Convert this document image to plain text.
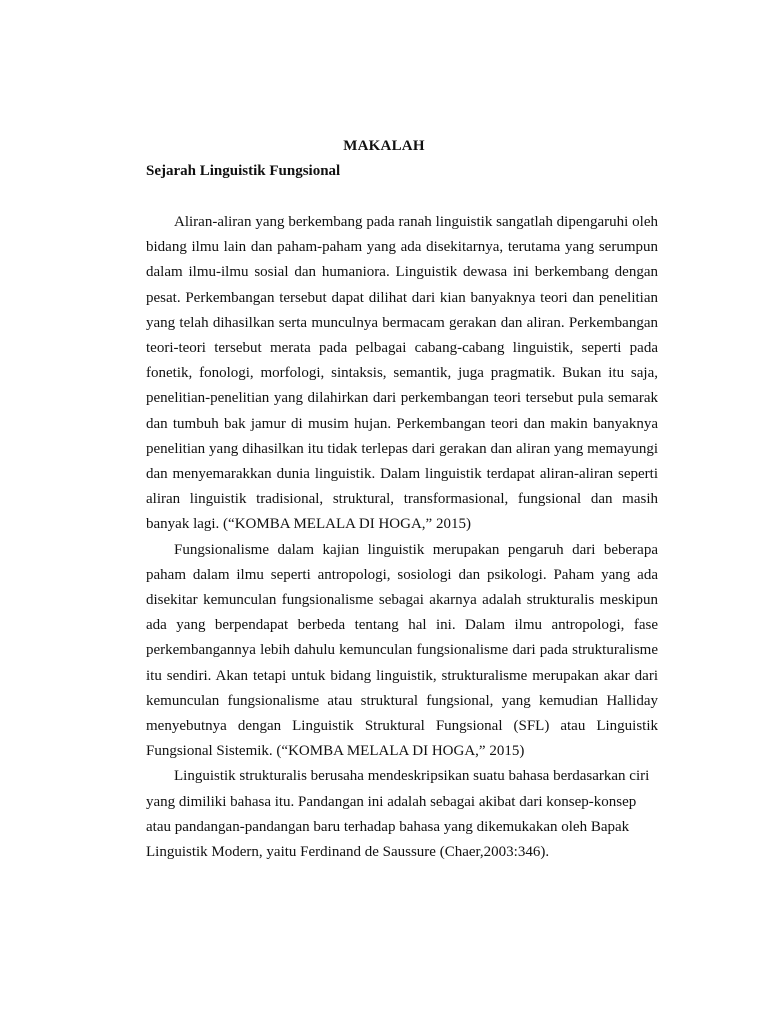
MAKALAH
Sejarah Linguistik Fungsional

Aliran-aliran yang berkembang pada ranah linguistik sangatlah dipengaruhi oleh bidang ilmu lain dan paham-paham yang ada disekitarnya, terutama yang serumpun dalam ilmu-ilmu sosial dan humaniora. Linguistik dewasa ini berkembang dengan pesat. Perkembangan tersebut dapat dilihat dari kian banyaknya teori dan penelitian yang telah dihasilkan serta munculnya bermacam gerakan dan aliran. Perkembangan teori-teori tersebut merata pada pelbagai cabang-cabang linguistik, seperti pada fonetik, fonologi, morfologi, sintaksis, semantik, juga pragmatik. Bukan itu saja, penelitian-penelitian yang dilahirkan dari perkembangan teori tersebut pula semarak dan tumbuh bak jamur di musim hujan. Perkembangan teori dan makin banyaknya penelitian yang dihasilkan itu tidak terlepas dari gerakan dan aliran yang memayungi dan menyemarakkan dunia linguistik. Dalam linguistik terdapat aliran-aliran seperti aliran linguistik tradisional, struktural, transformasional, fungsional dan masih banyak lagi. (“KOMBA MELALA DI HOGA,” 2015)

Fungsionalisme dalam kajian linguistik merupakan pengaruh dari beberapa paham dalam ilmu seperti antropologi, sosiologi dan psikologi. Paham yang ada disekitar kemunculan fungsionalisme sebagai akarnya adalah strukturalis meskipun ada yang berpendapat berbeda tentang hal ini. Dalam ilmu antropologi, fase perkembangannya lebih dahulu kemunculan fungsionalisme dari pada strukturalisme itu sendiri. Akan tetapi untuk bidang linguistik, strukturalisme merupakan akar dari kemunculan fungsionalisme atau struktural fungsional, yang kemudian Halliday menyebutnya dengan Linguistik Struktural Fungsional (SFL) atau Linguistik Fungsional Sistemik. (“KOMBA MELALA DI HOGA,” 2015)

Linguistik strukturalis berusaha mendeskripsikan suatu bahasa berdasarkan ciri yang dimiliki bahasa itu. Pandangan ini adalah sebagai akibat dari konsep-konsep atau pandangan-pandangan baru terhadap bahasa yang dikemukakan oleh Bapak Linguistik Modern, yaitu Ferdinand de Saussure (Chaer,2003:346).
